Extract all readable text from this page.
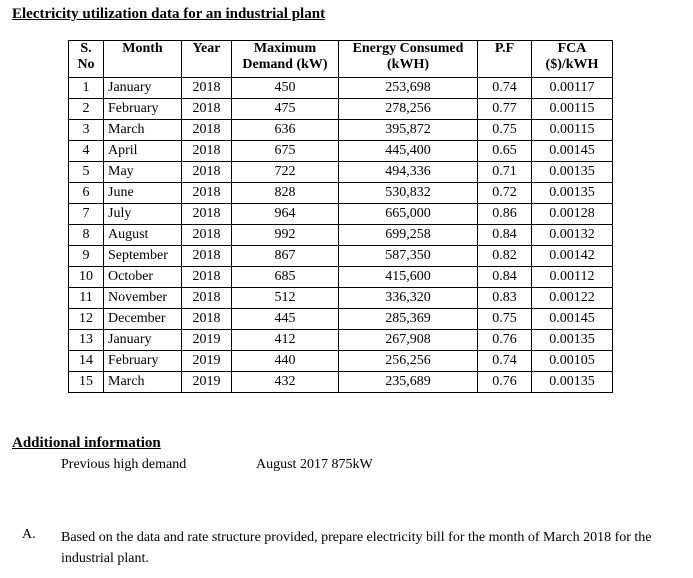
Electricity utilization data for an industrial plant
S. No	Month	Year	Maximum Demand (kW)	Energy Consumed (kWH)	P.F	FCA ($)/kWH
1	January	2018	450	253,698	0.74	0.00117
2	February	2018	475	278,256	0.77	0.00115
3	March	2018	636	395,872	0.75	0.00115
4	April	2018	675	445,400	0.65	0.00145
5	May	2018	722	494,336	0.71	0.00135
6	June	2018	828	530,832	0.72	0.00135
7	July	2018	964	665,000	0.86	0.00128
8	August	2018	992	699,258	0.84	0.00132
9	September	2018	867	587,350	0.82	0.00142
10	October	2018	685	415,600	0.84	0.00112
11	November	2018	512	336,320	0.83	0.00122
12	December	2018	445	285,369	0.75	0.00145
13	January	2019	412	267,908	0.76	0.00135
14	February	2019	440	256,256	0.74	0.00105
15	March	2019	432	235,689	0.76	0.00135
Additional information
Previous high demand	August 2017 875kW
A. Based on the data and rate structure provided, prepare electricity bill for the month of March 2018 for the industrial plant.
